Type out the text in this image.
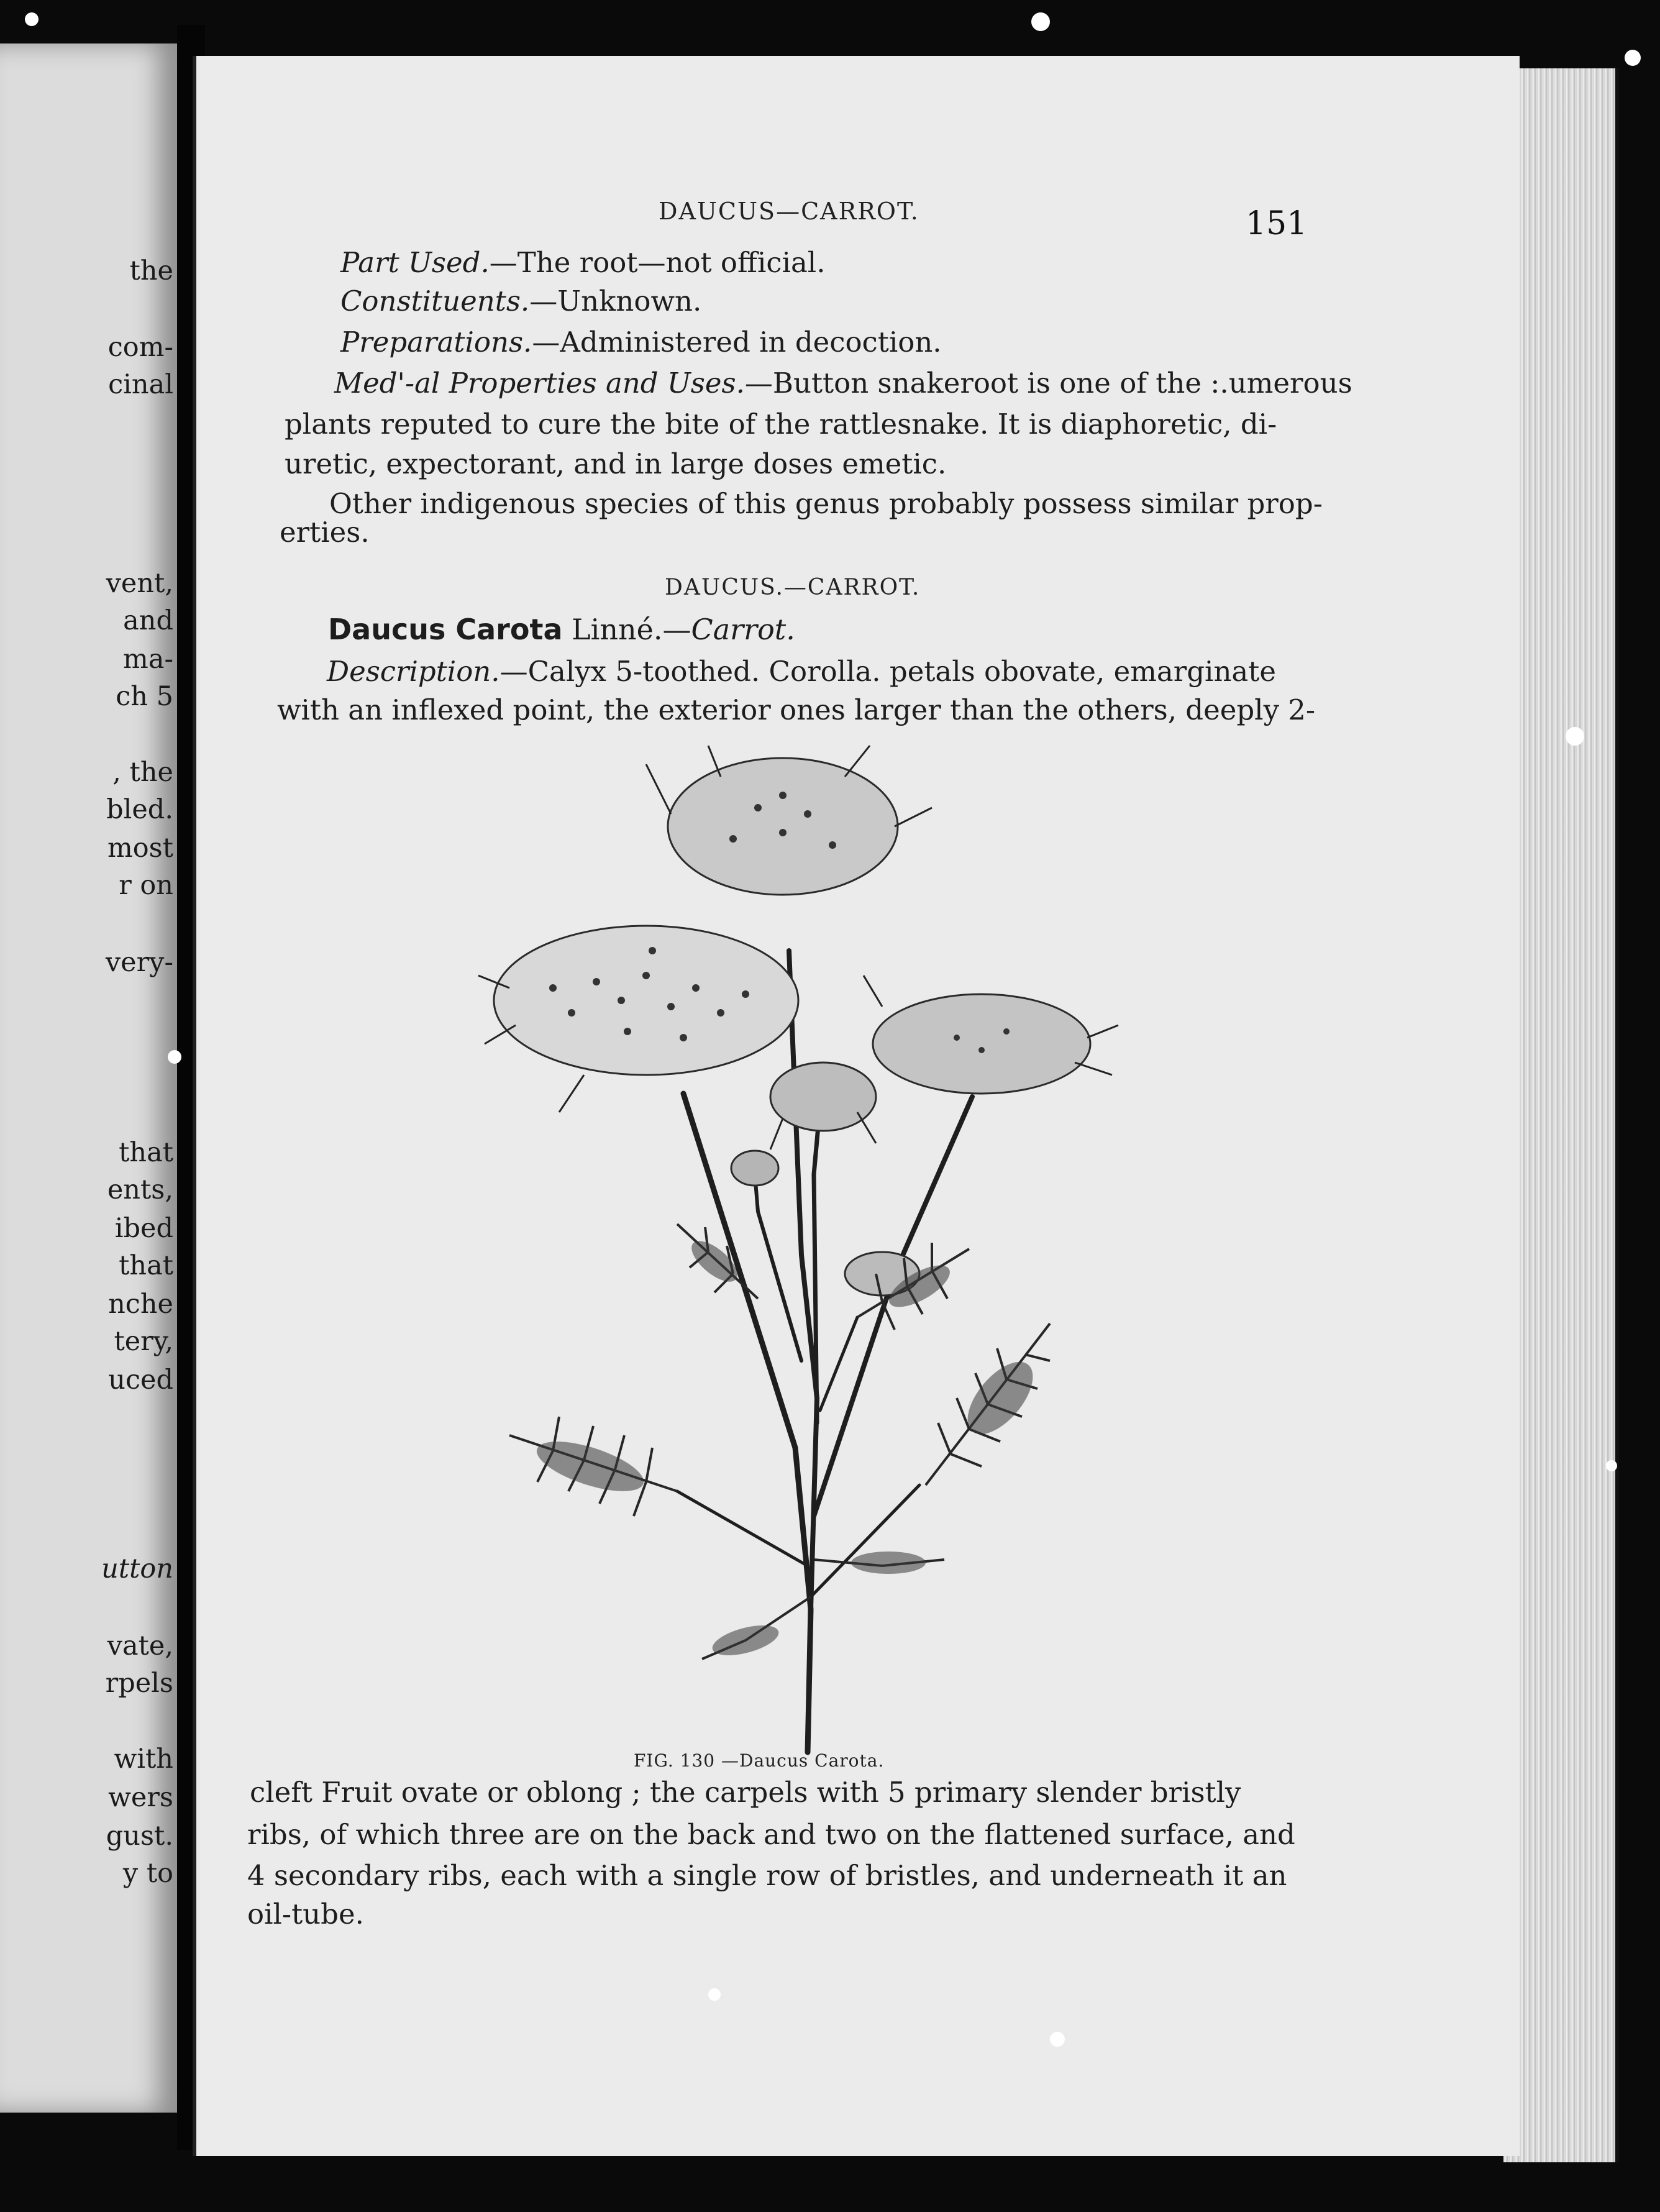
the
com-
cinal
vent,
and
ma-
ch 5
, the
bled.
most
r on
very-
that
ents,
ibed
that
nche
tery,
uced
utton
vate,
rpels
with
wers
gust.
y to
DAUCUS—CARROT.	151
Part Used.—The root—not official.
Constituents.—Unknown.
Preparations.—Administered in decoction.
Med'-al Properties and Uses.—Button snakeroot is one of the :.umerous
plants reputed to cure the bite of the rattlesnake. It is diaphoretic, di-
uretic, expectorant, and in large doses emetic.
Other indigenous species of this genus probably possess similar prop-
erties.
DAUCUS.—CARROT.
Daucus Carota Linné.—Carrot.
Description.—Calyx 5-toothed. Corolla. petals obovate, emarginate
with an inflexed point, the exterior ones larger than the others, deeply 2-
FIG. 130 —Daucus Carota.
cleft Fruit ovate or oblong ; the carpels with 5 primary slender bristly
ribs, of which three are on the back and two on the flattened surface, and
4 secondary ribs, each with a single row of bristles, and underneath it an
oil-tube.
